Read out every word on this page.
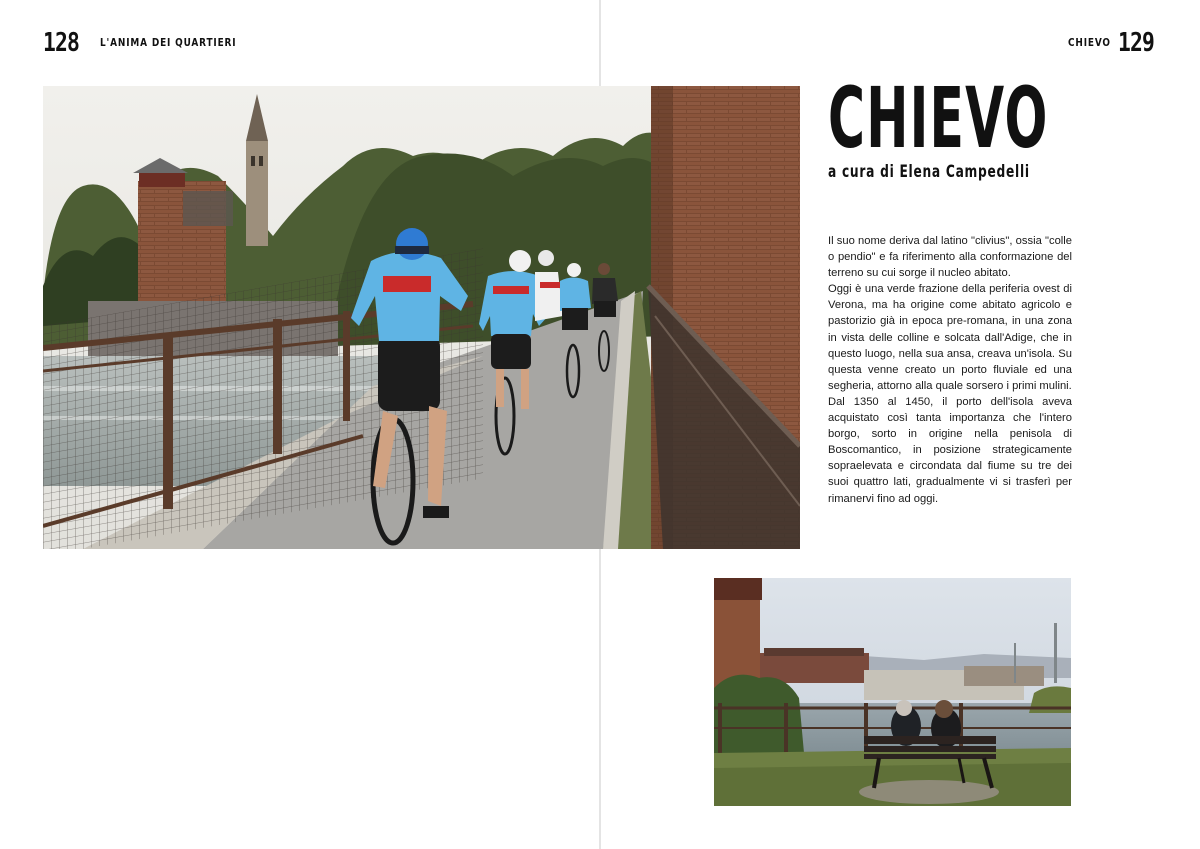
128 L'ANIMA DEI QUARTIERI	CHIEVO 129
CHIEVO
a cura di Elena Campedelli

Il suo nome deriva dal latino "clivius", ossia "colle o pendio" e fa riferimento alla conformazione del terreno su cui sorge il nucleo abitato.

Oggi è una verde frazione della periferia ovest di Verona, ma ha origine come abitato agricolo e pastorizio già in epoca pre-romana, in una zona in vista delle colline e solcata dall'Adige, che in questo luogo, nella sua ansa, creava un'isola. Su questa venne creato un porto fluviale ed una segheria, attorno alla quale sorsero i primi mulini.

Dal 1350 al 1450, il porto dell'isola aveva acquistato così tanta importanza che l'intero borgo, sorto in origine nella penisola di Boscomantico, in posizione strategicamente sopraelevata e circondata dal fiume su tre dei suoi quattro lati, gradualmente vi si trasferì per rimanervi fino ad oggi.
